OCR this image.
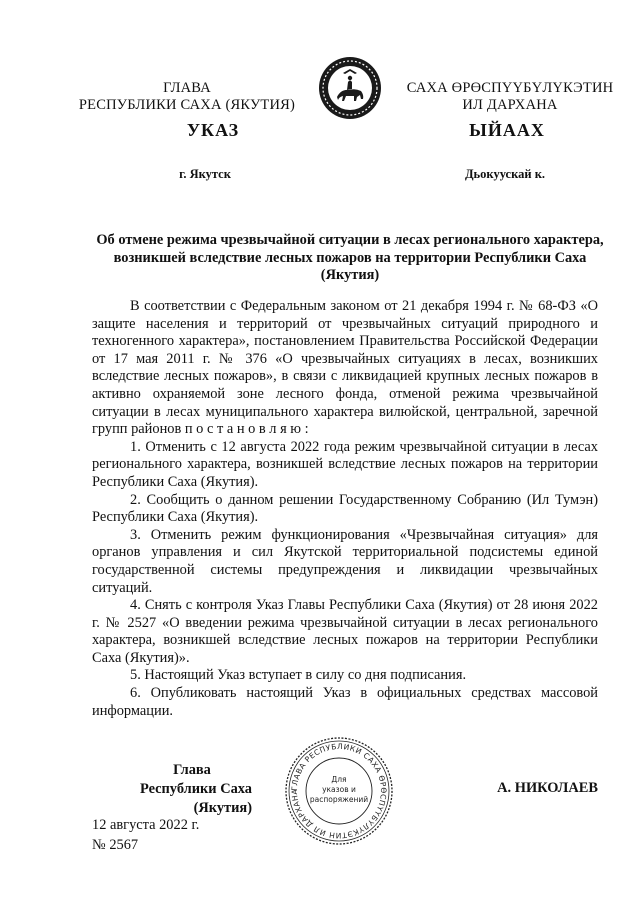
ГЛАВА
РЕСПУБЛИКИ САХА (ЯКУТИЯ)
САХА ӨРӨСПҮҮБҮЛҮКЭТИН
ИЛ ДАРХАНА
УКАЗ	ЫЙААХ
г. Якутск	Дьокуускай к.
Об отмене режима чрезвычайной ситуации в лесах регионального характера, возникшей вследствие лесных пожаров на территории Республики Саха (Якутия)

В соответствии с Федеральным законом от 21 декабря 1994 г. № 68-ФЗ «О защите населения и территорий от чрезвычайных ситуаций природного и техногенного характера», постановлением Правительства Российской Федерации от 17 мая 2011 г. № 376 «О чрезвычайных ситуациях в лесах, возникших вследствие лесных пожаров», в связи с ликвидацией крупных лесных пожаров в активно охраняемой зоне лесного фонда, отменой режима чрезвычайной ситуации в лесах муниципального характера вилюйской, центральной, заречной групп районов п о с т а н о в л я ю :

1. Отменить с 12 августа 2022 года режим чрезвычайной ситуации в лесах регионального характера, возникшей вследствие лесных пожаров на территории Республики Саха (Якутия).

2. Сообщить о данном решении Государственному Собранию (Ил Тумэн) Республики Саха (Якутия).

3. Отменить режим функционирования «Чрезвычайная ситуация» для органов управления и сил Якутской территориальной подсистемы единой государственной системы предупреждения и ликвидации чрезвычайных ситуаций.

4. Снять с контроля Указ Главы Республики Саха (Якутия) от 28 июня 2022 г. № 2527 «О введении режима чрезвычайной ситуации в лесах регионального характера, возникшей вследствие лесных пожаров на территории Республики Саха (Якутия)».

5. Настоящий Указ вступает в силу со дня подписания.

6. Опубликовать настоящий Указ в официальных средствах массовой информации.

Глава
Республики Саха (Якутия)
ГЛАВА РЕСПУБЛИКИ САХА ӨРӨСПҮҮБҮЛҮКЭТИН ИЛ ДАРХАНА
Для
указов и
распоряжений
А. НИКОЛАЕВ
12 августа 2022 г.
№ 2567
